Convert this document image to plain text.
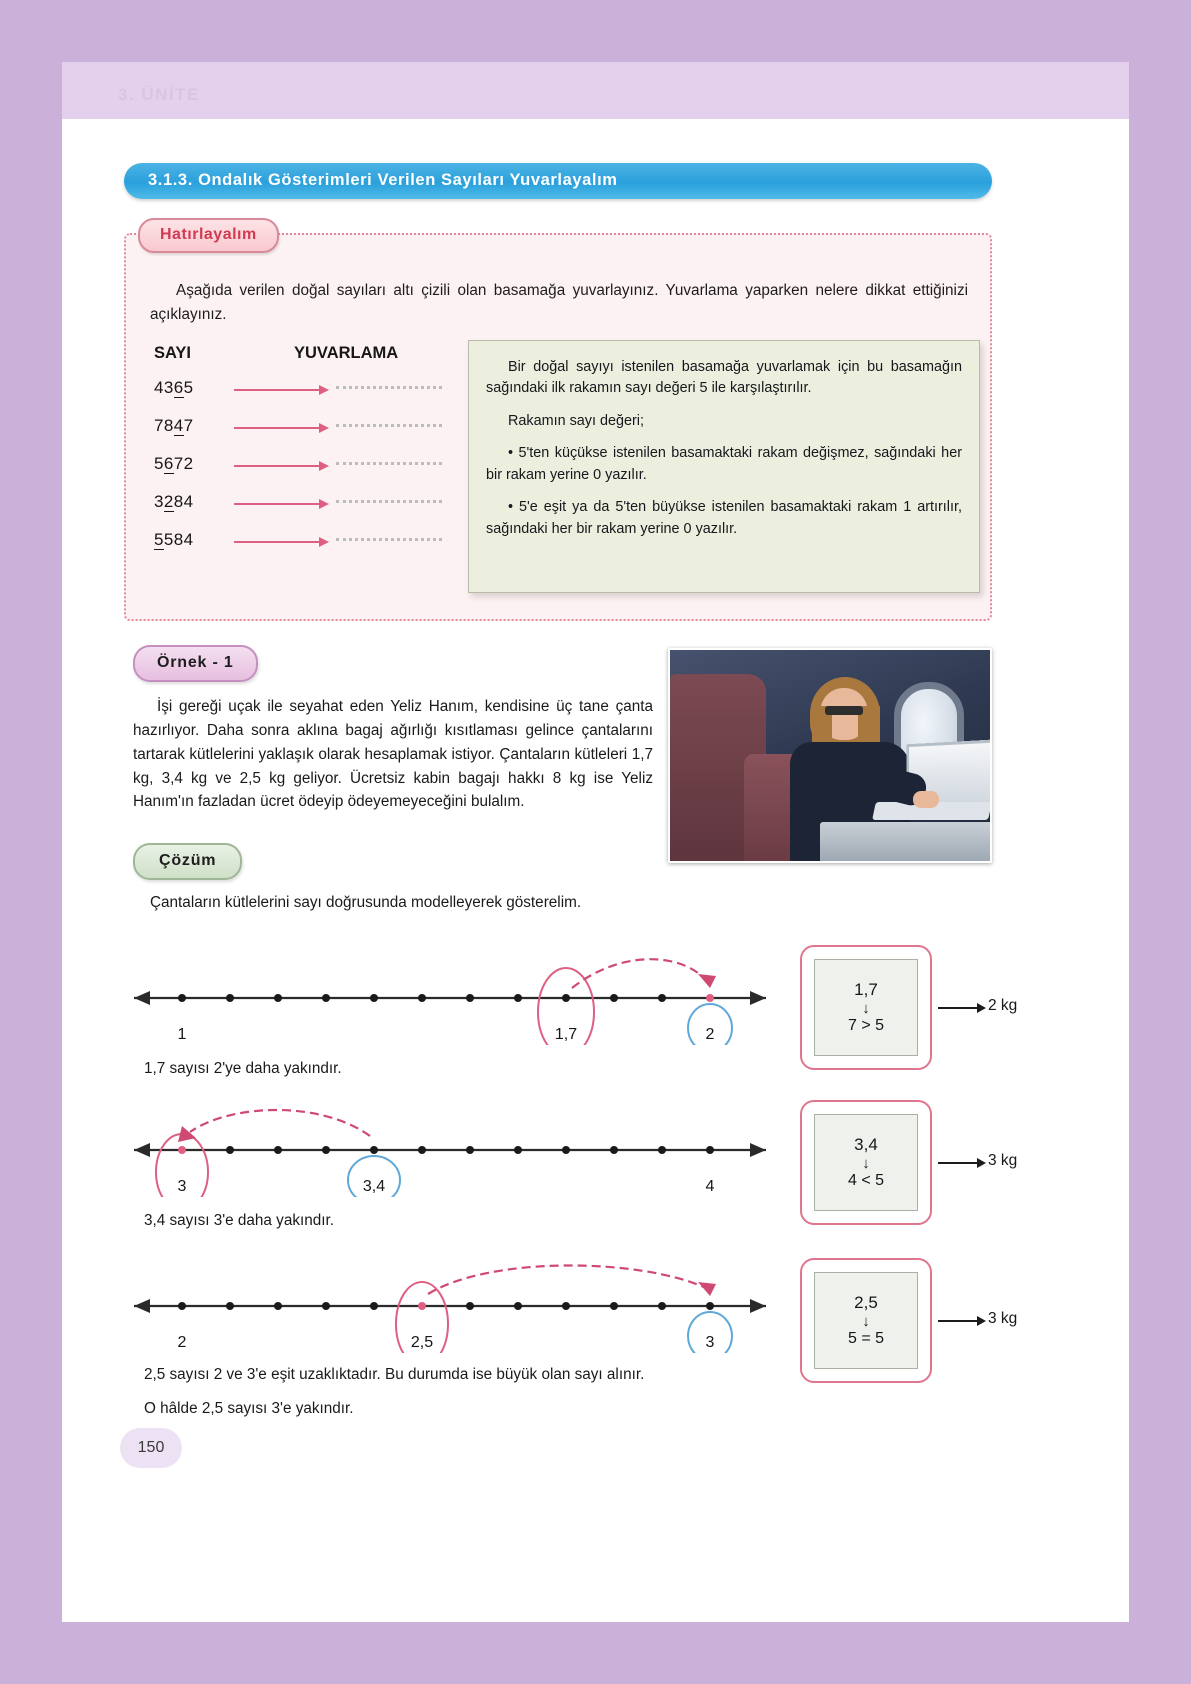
3. ÜNİTE
3.1.3. Ondalık Gösterimleri Verilen Sayıları Yuvarlayalım
Hatırlayalım
Aşağıda verilen doğal sayıları altı çizili olan basamağa yuvarlayınız. Yuvarlama yaparken nelere dikkat ettiğinizi açıklayınız.
SAYI	YUVARLAMA
4365
7847
5672
3284
5584

Bir doğal sayıyı istenilen basamağa yuvarlamak için bu basamağın sağındaki ilk rakamın sayı değeri 5 ile karşılaştırılır.

Rakamın sayı değeri;

• 5'ten küçükse istenilen basamaktaki rakam değişmez, sağındaki her bir rakam yerine 0 yazılır.

• 5'e eşit ya da 5'ten büyükse istenilen basamaktaki rakam 1 artırılır, sağındaki her bir rakam yerine 0 yazılır.

Örnek - 1
İşi gereği uçak ile seyahat eden Yeliz Hanım, kendisine üç tane çanta hazırlıyor. Daha sonra aklına bagaj ağırlığı kısıtlaması gelince çantalarını tartarak kütlelerini yaklaşık olarak hesaplamak istiyor. Çantaların kütleleri 1,7 kg, 3,4 kg ve 2,5 kg geliyor. Ücretsiz kabin bagajı hakkı 8 kg ise Yeliz Hanım'ın fazladan ücret ödeyip ödeyemeyeceğini bulalım.
Çözüm
Çantaların kütlelerini sayı doğrusunda modelleyerek gösterelim.
1	1,7	2
1,7 sayısı 2'ye daha yakındır.
1,7
↓
7 > 5
2 kg
3	3,4	4
3,4 sayısı 3'e daha yakındır.
3,4
↓
4 < 5
3 kg
2	2,5	3
2,5 sayısı 2 ve 3'e eşit uzaklıktadır. Bu durumda ise büyük olan sayı alınır.
O hâlde 2,5 sayısı 3'e yakındır.
2,5
↓
5 = 5
3 kg
150
